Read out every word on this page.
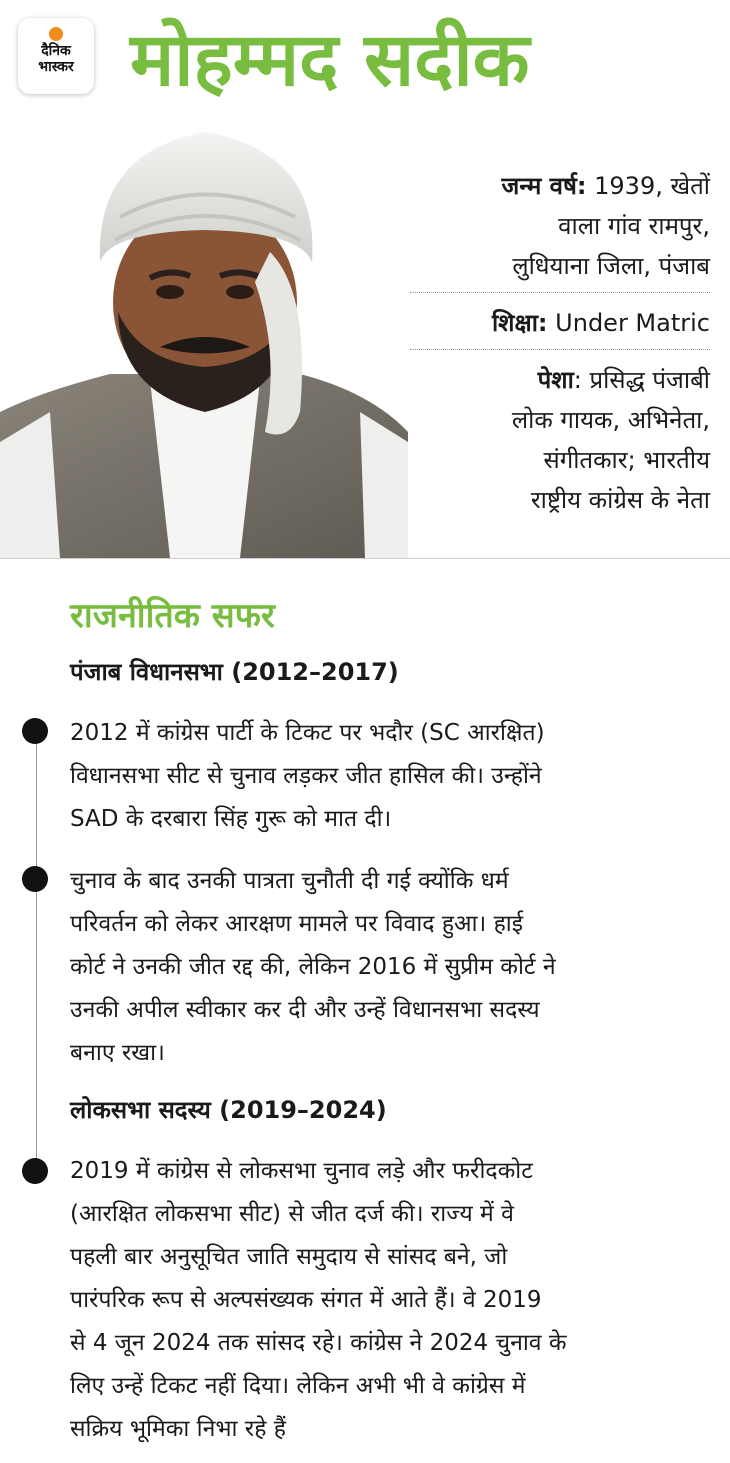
दैनिक
भास्कर मोहम्मद सदीक
जन्म वर्ष: 1939, खेतों
वाला गांव रामपुर,
लुधियाना जिला, पंजाब
शिक्षा: Under Matric
पेशा: प्रसिद्ध पंजाबी
लोक गायक, अभिनेता,
संगीतकार; भारतीय
राष्ट्रीय कांग्रेस के नेता
राजनीतिक सफर
पंजाब विधानसभा (2012–2017)
2012 में कांग्रेस पार्टी के टिकट पर भदौर (SC आरक्षित)
विधानसभा सीट से चुनाव लड़कर जीत हासिल की। उन्होंने
SAD के दरबारा सिंह गुरू को मात दी।
चुनाव के बाद उनकी पात्रता चुनौती दी गई क्योंकि धर्म
परिवर्तन को लेकर आरक्षण मामले पर विवाद हुआ। हाई
कोर्ट ने उनकी जीत रद्द की, लेकिन 2016 में सुप्रीम कोर्ट ने
उनकी अपील स्वीकार कर दी और उन्हें विधानसभा सदस्य
बनाए रखा।
लोकसभा सदस्य (2019–2024)
2019 में कांग्रेस से लोकसभा चुनाव लड़े और फरीदकोट
(आरक्षित लोकसभा सीट) से जीत दर्ज की। राज्य में वे
पहली बार अनुसूचित जाति समुदाय से सांसद बने, जो
पारंपरिक रूप से अल्पसंख्यक संगत में आते हैं। वे 2019
से 4 जून 2024 तक सांसद रहे। कांग्रेस ने 2024 चुनाव के
लिए उन्हें टिकट नहीं दिया। लेकिन अभी भी वे कांग्रेस में
सक्रिय भूमिका निभा रहे हैं
